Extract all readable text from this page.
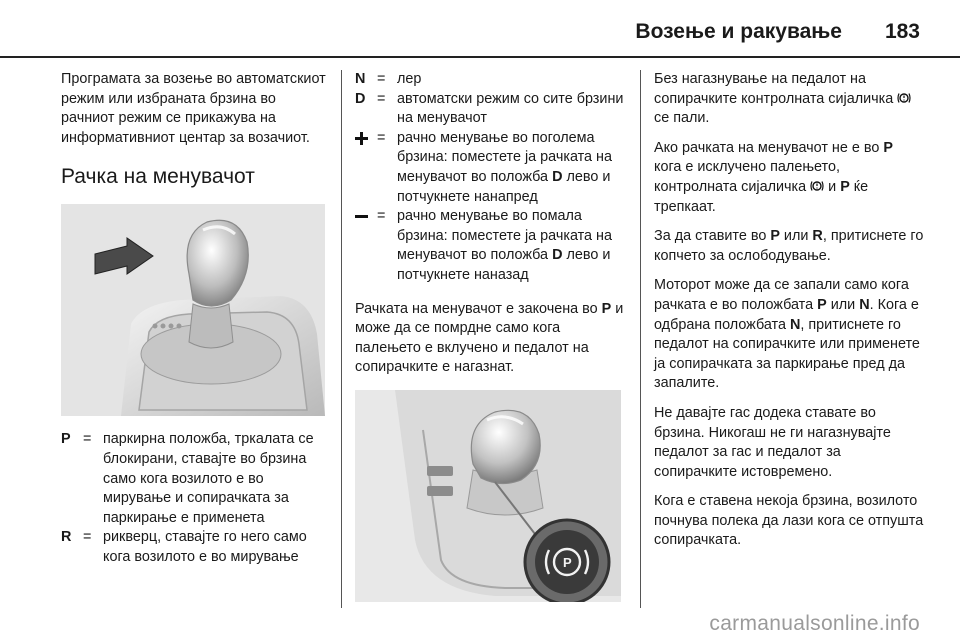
Возење и ракување 183

Програмата за возење во автоматскиот режим или избраната брзина во рачниот режим се прикажува на информативниот центар за возачиот.

Рачка на менувачот
P = паркирна положба, тркалата се блокирани, ставајте во брзина само кога возилото е во мирување и сопирачката за паркирање е применета
R = рикверц, ставајте го него само кога возилото е во мирување
N = лер
D = автоматски режим со сите брзини на менувачот
= рачно менување во поголема брзина: поместете ја рачката на менувачот во положба D лево и потчукнете нанапред
= рачно менување во помала брзина: поместете ја рачката на менувачот во положба D лево и потчукнете наназад

Рачката на менувачот е закочена во P и може да се помрдне само кога палењето е вклучено и педалот на сопирачките е нагазнат.

P

Без нагазнување на педалот на сопирачките контролната сијаличка  се пали.

Ако рачката на менувачот не е во P кога е исклучено палењето, контролната сијаличка  и P ќе трепкаат.

За да ставите во P или R, притиснете го копчето за ослободување.

Моторот може да се запали само кога рачката е во положбата P или N. Кога е одбрана положбата N, притиснете го педалот на сопирачките или применете ја сопирачката за паркирање пред да запалите.

Не давајте гас додека ставате во брзина. Никогаш не ги нагазнувајте педалот за гас и педалот за сопирачките истовремено.

Кога е ставена некоја брзина, возилото почнува полека да лази кога се отпушта сопирачката.

carmanualsonline.info
